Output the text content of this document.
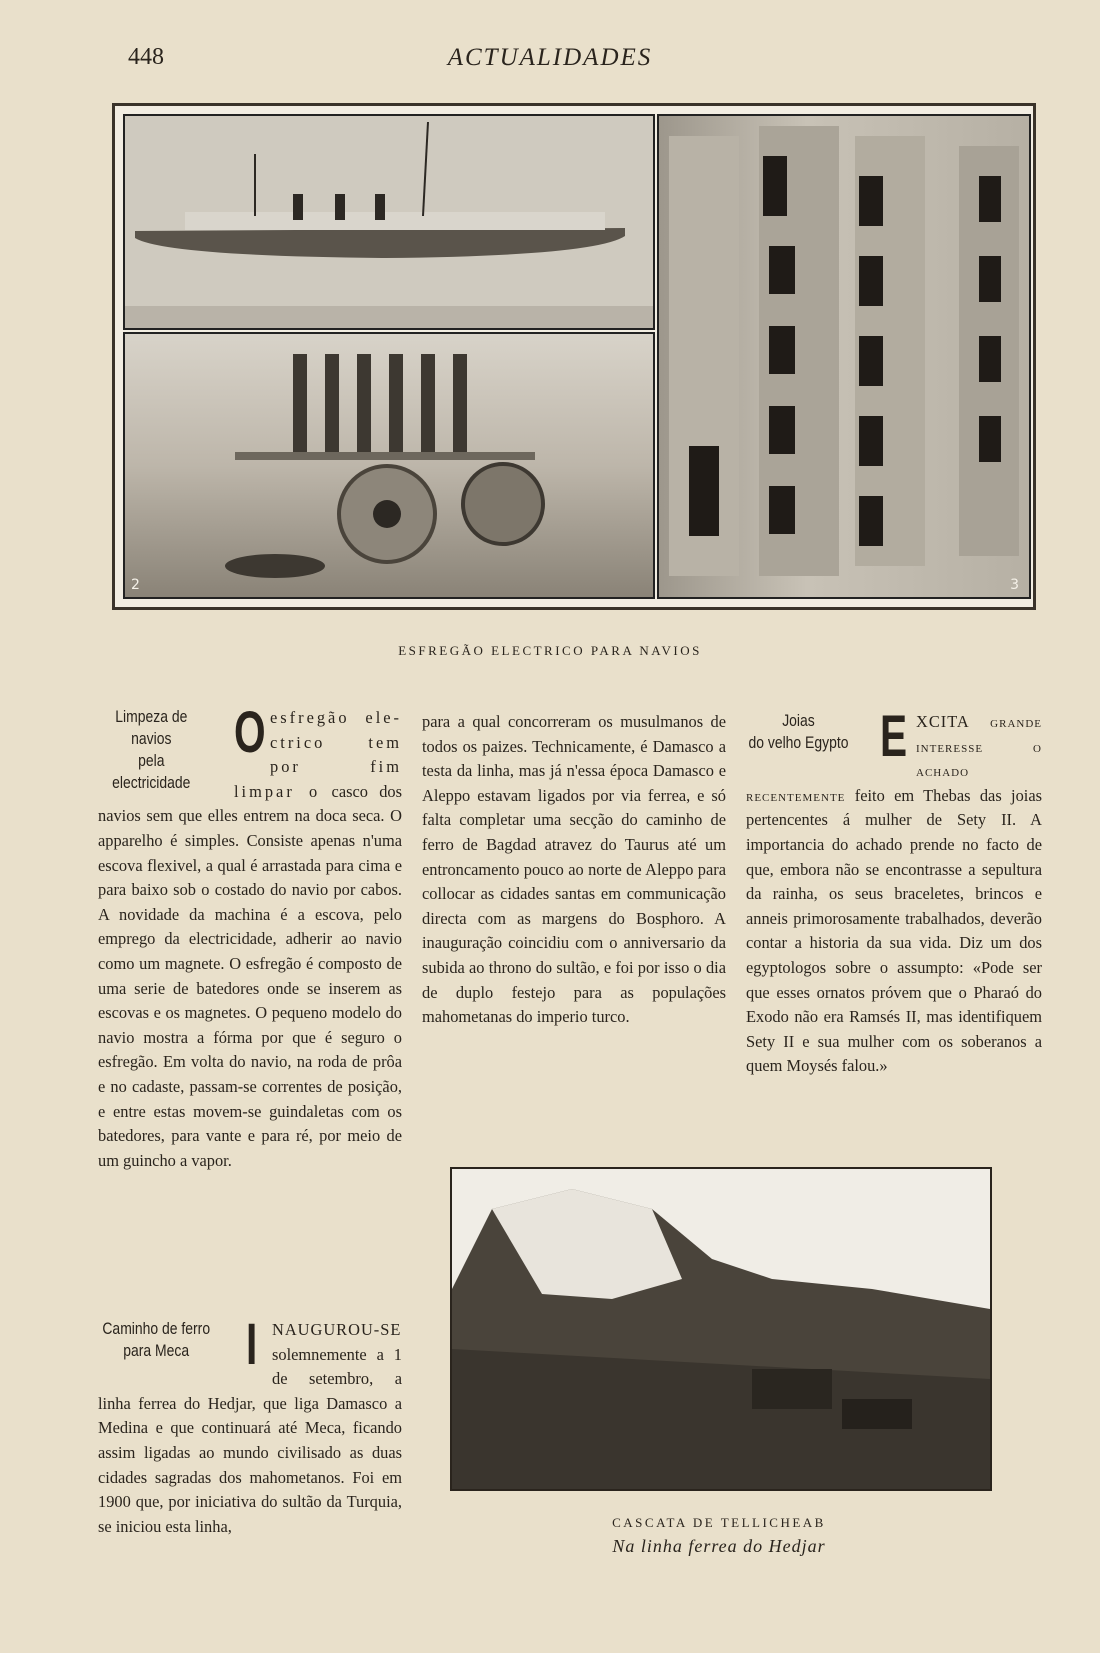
448	ACTUALIDADES
2	3
ESFREGÃO ELECTRICO PARA NAVIOS
Limpeza de navios
pela electricidade
O esfregão ele-ctrico tem por fim limpar o casco dos navios sem que elles entrem na doca seca. O apparelho é simples. Consiste apenas n'uma escova flexivel, a qual é arrastada para cima e para baixo sob o costado do navio por cabos. A novidade da machina é a escova, pelo emprego da electricidade, adherir ao navio como um magnete. O esfregão é composto de uma serie de batedores onde se inserem as escovas e os magnetes. O pequeno modelo do navio mostra a fórma por que é seguro o esfregão. Em volta do navio, na roda de prôa e no cadaste, passam-se correntes de posição, e entre estas movem-se guindaletas com os batedores, para vante e para ré, por meio de um guincho a vapor.
Caminho de ferro
para Meca I NAUGUROU-SE solemnemente a 1 de setembro, a linha ferrea do Hedjar, que liga Damasco a Medina e que continuará até Meca, ficando assim ligadas ao mundo civilisado as duas cidades sagradas dos mahometanos. Foi em 1900 que, por iniciativa do sultão da Turquia, se iniciou esta linha,

para a qual concorreram os musulmanos de todos os paizes. Technicamente, é Damasco a testa da linha, mas já n'essa época Damasco e Aleppo estavam ligados por via ferrea, e só falta completar uma secção do caminho de ferro de Bagdad atravez do Taurus até um entroncamento pouco ao norte de Aleppo para collocar as cidades santas em communicação directa com as margens do Bosphoro. A inauguração coincidiu com o anniversario da subida ao throno do sultão, e foi por isso o dia de duplo festejo para as populações mahometanas do imperio turco.

Joias
do velho Egypto E XCITA grande interesse o achado recentemente feito em Thebas das joias pertencentes á mulher de Sety II. A importancia do achado prende no facto de que, embora não se encontrasse a sepultura da rainha, os seus braceletes, brincos e anneis primorosamente trabalhados, deverão contar a historia da sua vida. Diz um dos egyptologos sobre o assumpto: «Pode ser que esses ornatos próvem que o Pharaó do Exodo não era Ramsés II, mas identifiquem Sety II e sua mulher com os soberanos a quem Moysés falou.»
CASCATA DE TELLICHEAB
Na linha ferrea do Hedjar
